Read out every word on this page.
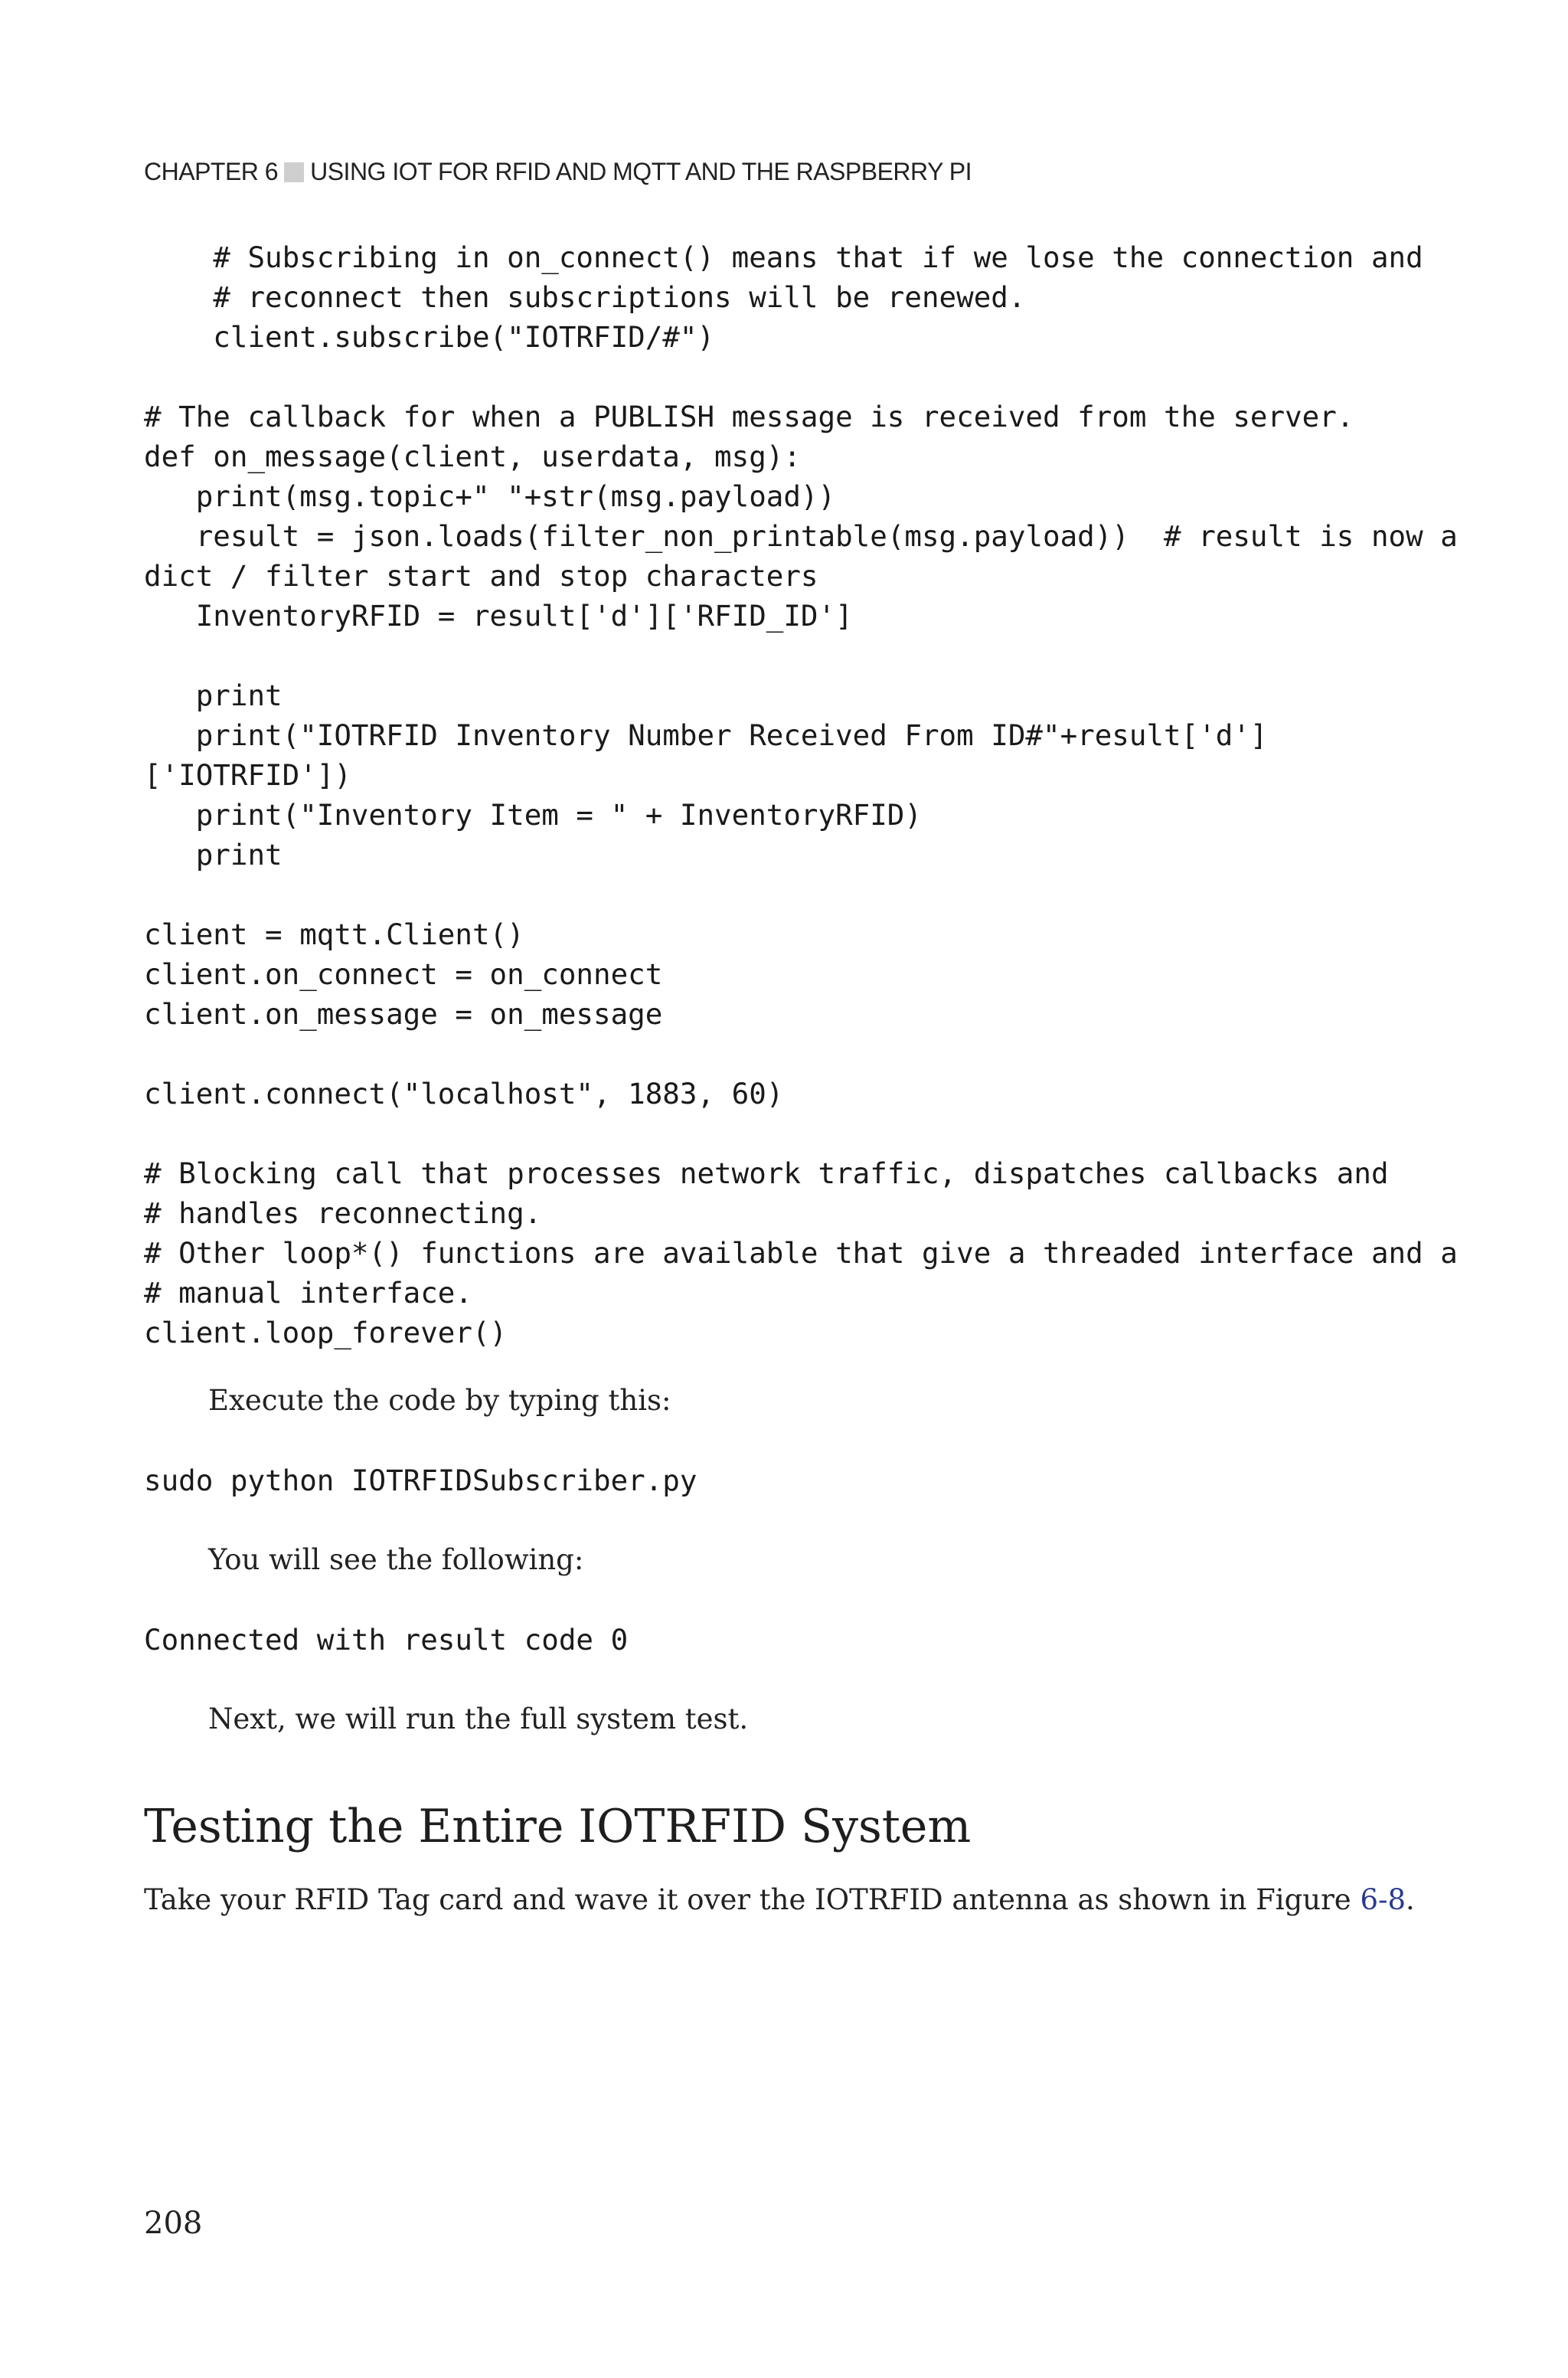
CHAPTER 6 USING IOT FOR RFID AND MQTT AND THE RASPBERRY PI
# Subscribing in on_connect() means that if we lose the connection and
# reconnect then subscriptions will be renewed.
client.subscribe("IOTRFID/#")

# The callback for when a PUBLISH message is received from the server.
def on_message(client, userdata, msg):
print(msg.topic+" "+str(msg.payload))
result = json.loads(filter_non_printable(msg.payload))  # result is now a
dict / filter start and stop characters
InventoryRFID = result['d']['RFID_ID']

print
print("IOTRFID Inventory Number Received From ID#"+result['d']
['IOTRFID'])
print("Inventory Item = " + InventoryRFID)
print

client = mqtt.Client()
client.on_connect = on_connect
client.on_message = on_message

client.connect("localhost", 1883, 60)

# Blocking call that processes network traffic, dispatches callbacks and
# handles reconnecting.
# Other loop*() functions are available that give a threaded interface and a
# manual interface.
client.loop_forever()
Execute the code by typing this:
sudo python IOTRFIDSubscriber.py
You will see the following:
Connected with result code 0
Next, we will run the full system test.
Testing the Entire IOTRFID System
Take your RFID Tag card and wave it over the IOTRFID antenna as shown in Figure 6-8.
208
